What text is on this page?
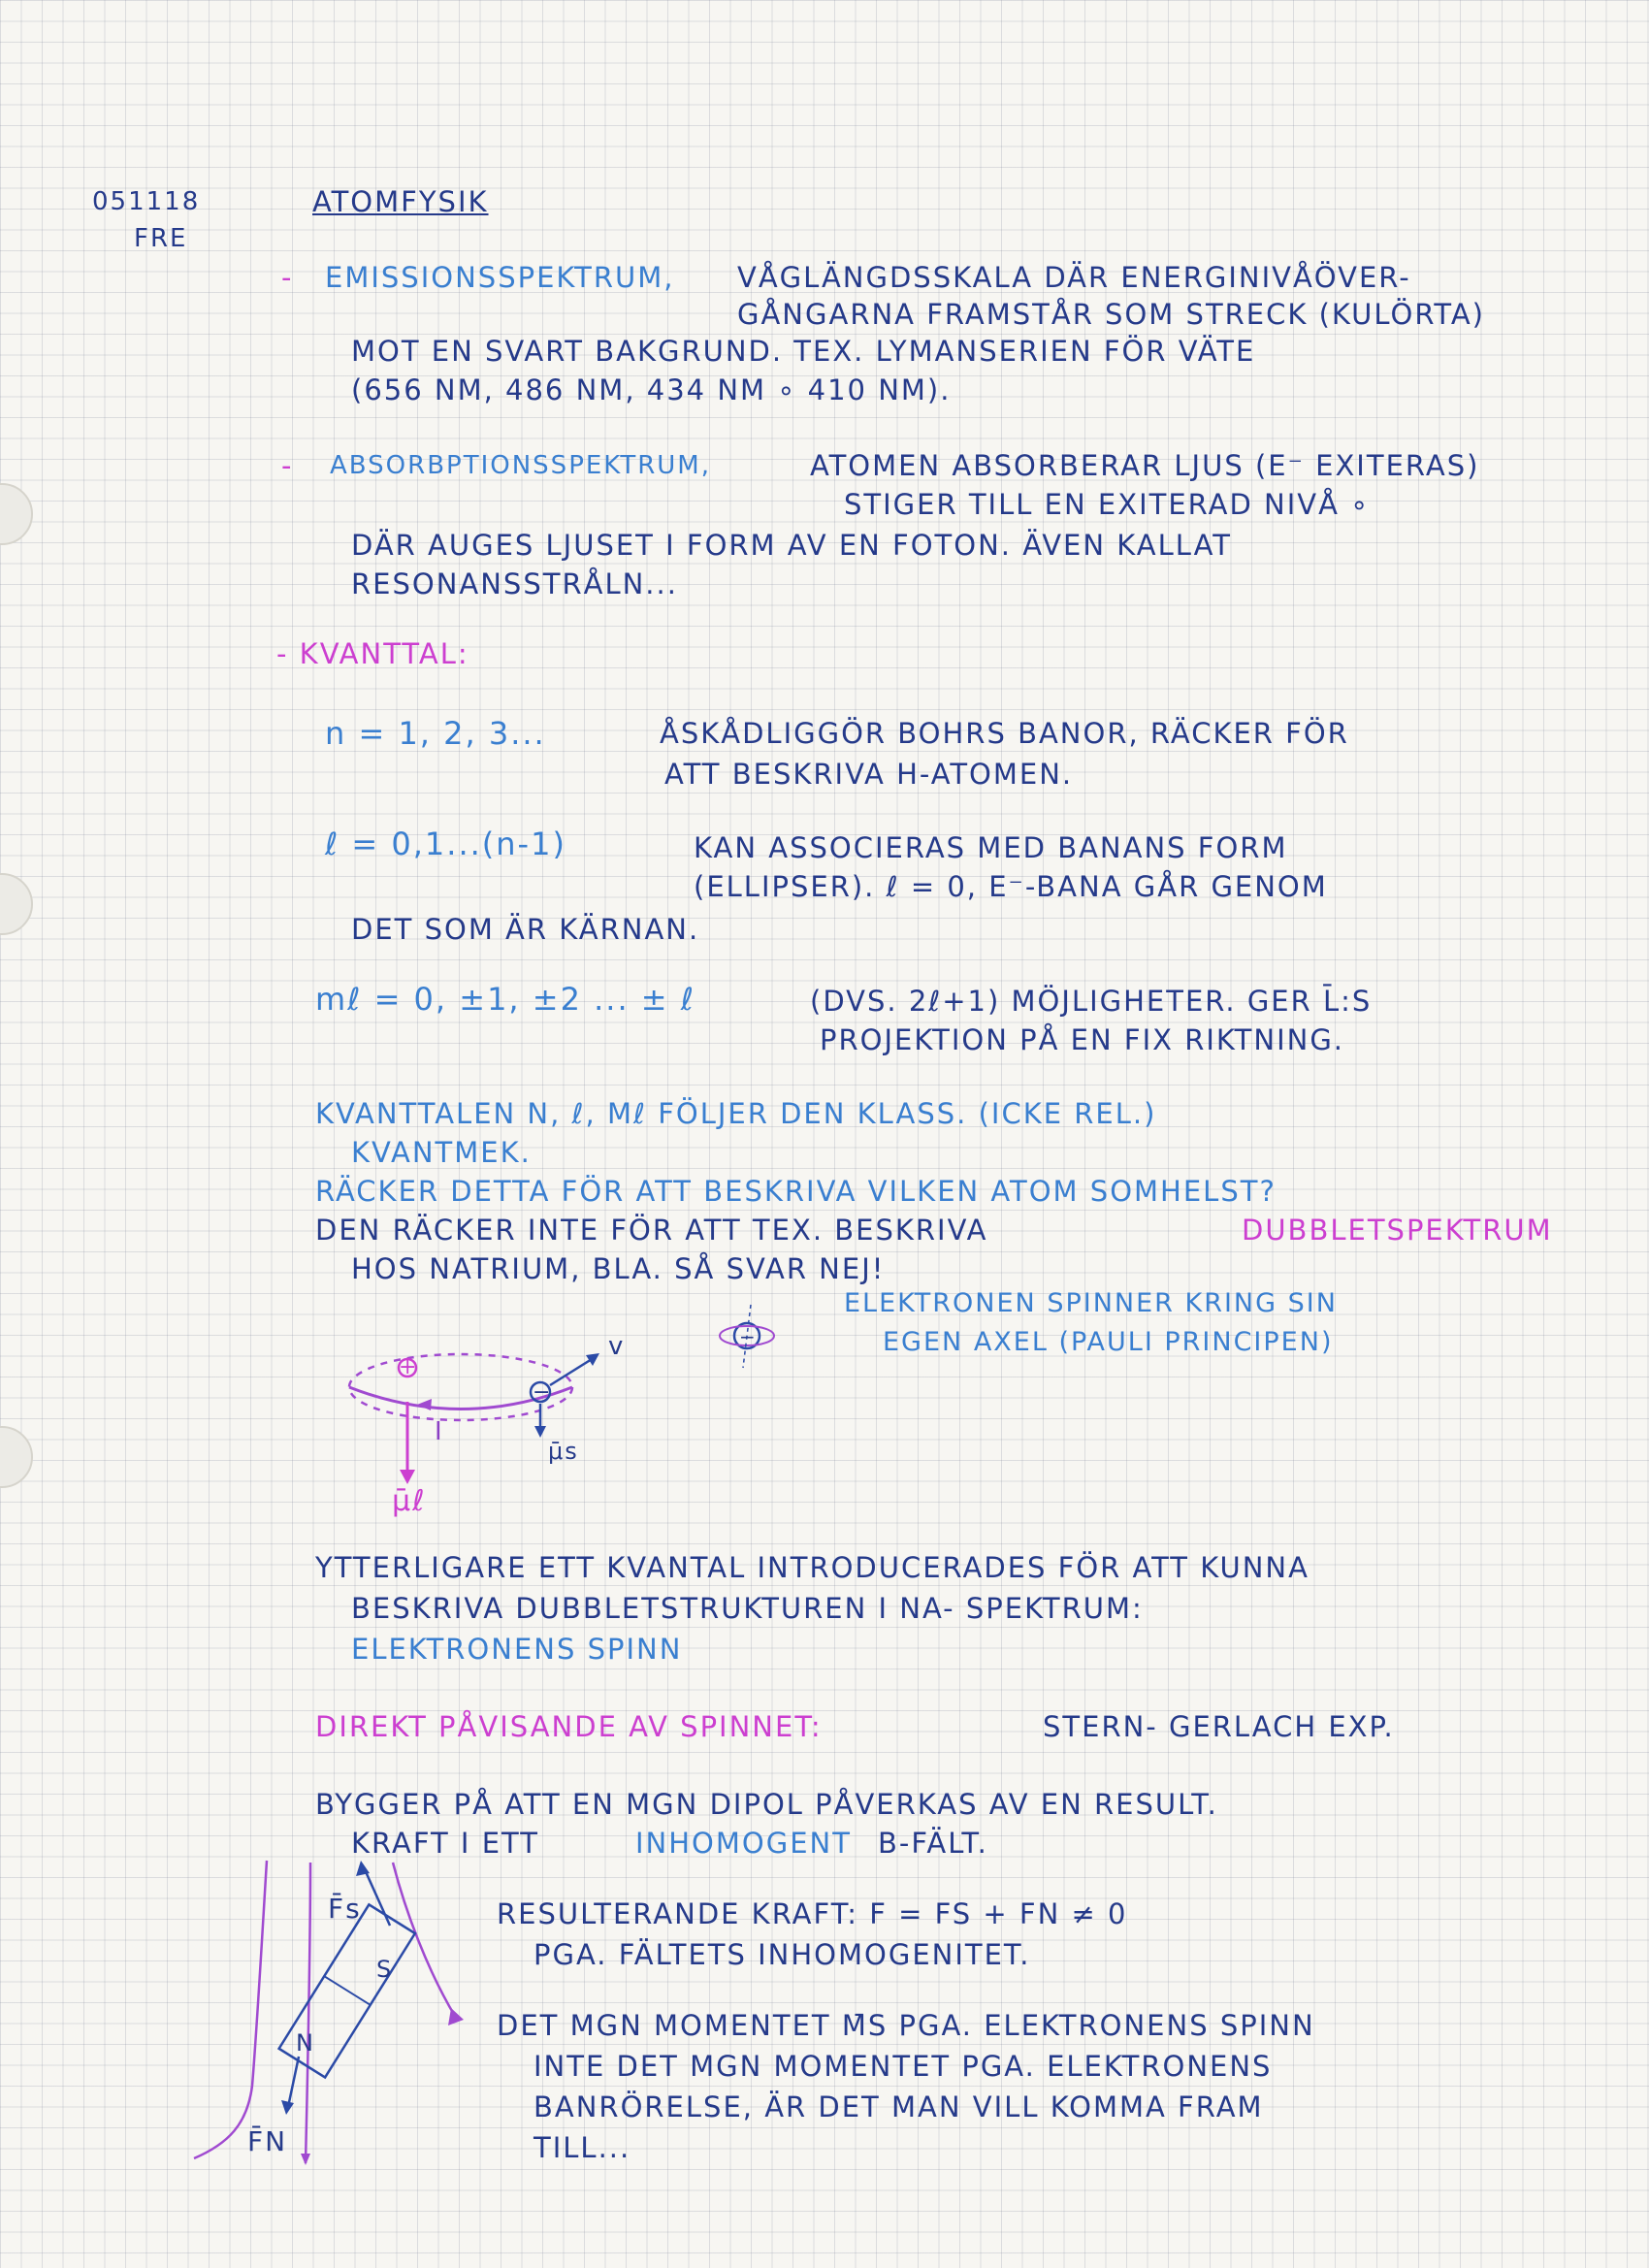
051118
FRE
ATOMFYSIK
- EMISSIONSSPEKTRUM, VÅGLÄNGDSSKALA DÄR ENERGINIVÅÖVER-
GÅNGARNA FRAMSTÅR SOM STRECK (KULÖRTA)
MOT EN SVART BAKGRUND. TEX. LYMANSERIEN FÖR VÄTE
(656 NM, 486 NM, 434 NM ∘ 410 NM).
- ABSORBPTIONSSPEKTRUM,	ATOMEN ABSORBERAR LJUS (E⁻ EXITERAS)
STIGER TILL EN EXITERAD NIVÅ ∘
DÄR AUGES LJUSET I FORM AV EN FOTON. ÄVEN KALLAT
RESONANSSTRÅLN...
- KVANTTAL:
n = 1, 2, 3...	ÅSKÅDLIGGÖR BOHRS BANOR, RÄCKER FÖR
ATT BESKRIVA H-ATOMEN.
ℓ = 0,1...(n-1)	KAN ASSOCIERAS MED BANANS FORM
(ELLIPSER). ℓ = 0, E⁻-BANA GÅR GENOM
DET SOM ÄR KÄRNAN.
mℓ = 0, ±1, ±2 ... ± ℓ	(DVS. 2ℓ+1) MÖJLIGHETER. GER L̄:S
PROJEKTION PÅ EN FIX RIKTNING.
KVANTTALEN N, ℓ, Mℓ FÖLJER DEN KLASS. (ICKE REL.)
KVANTMEK.
RÄCKER DETTA FÖR ATT BESKRIVA VILKEN ATOM SOMHELST?
DEN RÄCKER INTE FÖR ATT TEX. BESKRIVA	DUBBLETSPEKTRUM
HOS NATRIUM, BLA. SÅ SVAR NEJ!
ELEKTRONEN SPINNER KRING SIN
EGEN AXEL (PAULI PRINCIPEN)
+
−
−
v
I
μ̄s
μ̄ℓ
YTTERLIGARE ETT KVANTAL INTRODUCERADES FÖR ATT KUNNA
BESKRIVA DUBBLETSTRUKTUREN I NA- SPEKTRUM:
ELEKTRONENS SPINN
DIREKT PÅVISANDE AV SPINNET:	STERN- GERLACH EXP.
BYGGER PÅ ATT EN MGN DIPOL PÅVERKAS AV EN RESULT.
KRAFT I ETT	INHOMOGENT B-FÄLT.
F̄s
S
N
F̄N
RESULTERANDE KRAFT: F = FS + FN ≠ 0
PGA. FÄLTETS INHOMOGENITET.
DET MGN MOMENTET Μ̄S PGA. ELEKTRONENS SPINN
INTE DET MGN MOMENTET PGA. ELEKTRONENS
BANRÖRELSE, ÄR DET MAN VILL KOMMA FRAM
TILL...
